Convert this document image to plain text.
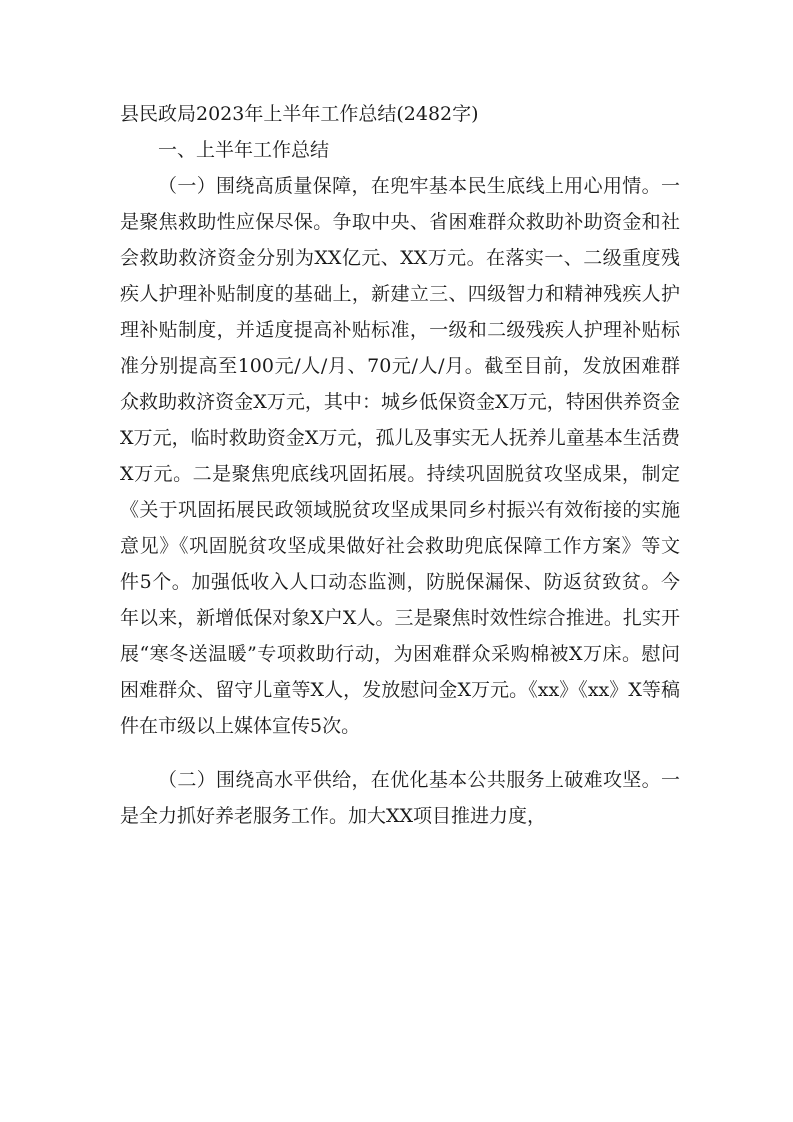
县民政局2023年上半年工作总结(2482字)

一、上半年工作总结

（一）围绕高质量保障，在兜牢基本民生底线上用心用情。一是聚焦救助性应保尽保。争取中央、省困难群众救助补助资金和社会救助救济资金分别为XX亿元、XX万元。在落实一、二级重度残疾人护理补贴制度的基础上，新建立三、四级智力和精神残疾人护理补贴制度，并适度提高补贴标准，一级和二级残疾人护理补贴标准分别提高至100元/人/月、70元/人/月。截至目前，发放困难群众救助救济资金X万元，其中：城乡低保资金X万元，特困供养资金X万元，临时救助资金X万元，孤儿及事实无人抚养儿童基本生活费X万元。二是聚焦兜底线巩固拓展。持续巩固脱贫攻坚成果，制定《关于巩固拓展民政领域脱贫攻坚成果同乡村振兴有效衔接的实施意见》《巩固脱贫攻坚成果做好社会救助兜底保障工作方案》等文件5个。加强低收入人口动态监测，防脱保漏保、防返贫致贫。今年以来，新增低保对象X户X人。三是聚焦时效性综合推进。扎实开展“寒冬送温暖”专项救助行动，为困难群众采购棉被X万床。慰问困难群众、留守儿童等X人，发放慰问金X万元。《xx》《xx》X等稿件在市级以上媒体宣传5次。

（二）围绕高水平供给，在优化基本公共服务上破难攻坚。一是全力抓好养老服务工作。加大XX项目推进力度，
